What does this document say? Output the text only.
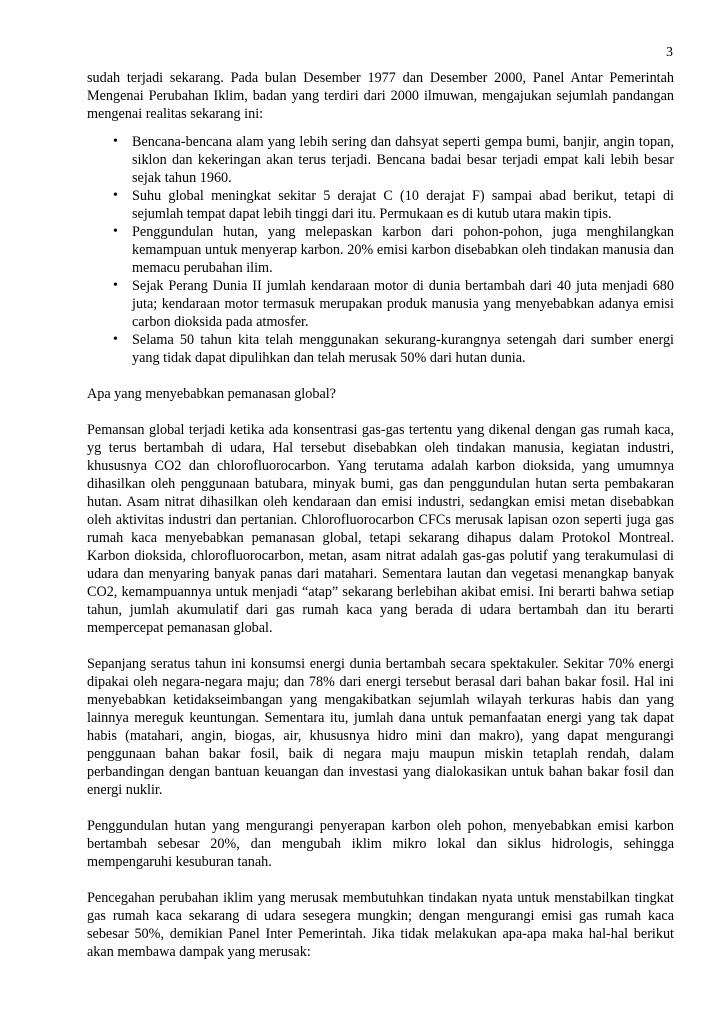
3

sudah terjadi sekarang. Pada bulan Desember 1977 dan Desember 2000, Panel Antar Pemerintah Mengenai Perubahan Iklim, badan yang terdiri dari 2000 ilmuwan, mengajukan sejumlah pandangan mengenai realitas sekarang ini:

• Bencana-bencana alam yang lebih sering dan dahsyat seperti gempa bumi, banjir, angin topan, siklon dan kekeringan akan terus terjadi. Bencana badai besar terjadi empat kali lebih besar sejak tahun 1960.
• Suhu global meningkat sekitar 5 derajat C (10 derajat F) sampai abad berikut, tetapi di sejumlah tempat dapat lebih tinggi dari itu. Permukaan es di kutub utara makin tipis.
• Penggundulan hutan, yang melepaskan karbon dari pohon-pohon, juga menghilangkan kemampuan untuk menyerap karbon. 20% emisi karbon disebabkan oleh tindakan manusia dan memacu perubahan ilim.
• Sejak Perang Dunia II jumlah kendaraan motor di dunia bertambah dari 40 juta menjadi 680 juta; kendaraan motor termasuk merupakan produk manusia yang menyebabkan adanya emisi carbon dioksida pada atmosfer.
• Selama 50 tahun kita telah menggunakan sekurang-kurangnya setengah dari sumber energi yang tidak dapat dipulihkan dan telah merusak 50% dari hutan dunia.

Apa yang menyebabkan pemanasan global?

Pemansan global terjadi ketika ada konsentrasi gas-gas tertentu yang dikenal dengan gas rumah kaca, yg terus bertambah di udara, Hal tersebut disebabkan oleh tindakan manusia, kegiatan industri, khususnya CO2 dan chlorofluorocarbon. Yang terutama adalah karbon dioksida, yang umumnya dihasilkan oleh penggunaan batubara, minyak bumi, gas dan penggundulan hutan serta pembakaran hutan. Asam nitrat dihasilkan oleh kendaraan dan emisi industri, sedangkan emisi metan disebabkan oleh aktivitas industri dan pertanian. Chlorofluorocarbon CFCs merusak lapisan ozon seperti juga gas rumah kaca menyebabkan pemanasan global, tetapi sekarang dihapus dalam Protokol Montreal. Karbon dioksida, chlorofluorocarbon, metan, asam nitrat adalah gas-gas polutif yang terakumulasi di udara dan menyaring banyak panas dari matahari. Sementara lautan dan vegetasi menangkap banyak CO2, kemampuannya untuk menjadi “atap” sekarang berlebihan akibat emisi. Ini berarti bahwa setiap tahun, jumlah akumulatif dari gas rumah kaca yang berada di udara bertambah dan itu berarti mempercepat pemanasan global.

Sepanjang seratus tahun ini konsumsi energi dunia bertambah secara spektakuler. Sekitar 70% energi dipakai oleh negara-negara maju; dan 78% dari energi tersebut berasal dari bahan bakar fosil. Hal ini menyebabkan ketidakseimbangan yang mengakibatkan sejumlah wilayah terkuras habis dan yang lainnya mereguk keuntungan. Sementara itu, jumlah dana untuk pemanfaatan energi yang tak dapat habis (matahari, angin, biogas, air, khususnya hidro mini dan makro), yang dapat mengurangi penggunaan bahan bakar fosil, baik di negara maju maupun miskin tetaplah rendah, dalam perbandingan dengan bantuan keuangan dan investasi yang dialokasikan untuk bahan bakar fosil dan energi nuklir.

Penggundulan hutan yang mengurangi penyerapan karbon oleh pohon, menyebabkan emisi karbon bertambah sebesar 20%, dan mengubah iklim mikro lokal dan siklus hidrologis, sehingga mempengaruhi kesuburan tanah.

Pencegahan perubahan iklim yang merusak membutuhkan tindakan nyata untuk menstabilkan tingkat gas rumah kaca sekarang di udara sesegera mungkin; dengan mengurangi emisi gas rumah kaca sebesar 50%, demikian Panel Inter Pemerintah. Jika tidak melakukan apa-apa maka hal-hal berikut akan membawa dampak yang merusak:
